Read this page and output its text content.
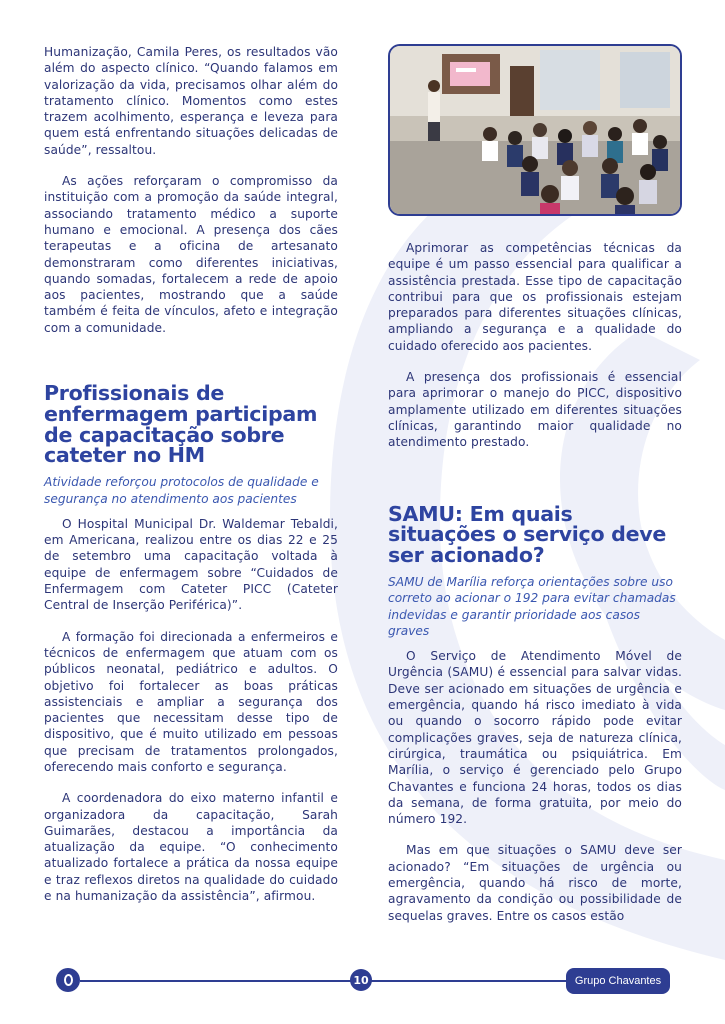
Humanização, Camila Peres, os resultados vão além do aspecto clínico. “Quando falamos em valorização da vida, precisamos olhar além do tratamento clínico. Momentos como estes trazem acolhimento, esperança e leveza para quem está enfrentando situações delicadas de saúde”, ressaltou.

As ações reforçaram o compromisso da instituição com a promoção da saúde integral, associando tratamento médico a suporte humano e emocional. A presença dos cães terapeutas e a oficina de artesanato demonstraram como diferentes iniciativas, quando somadas, fortalecem a rede de apoio aos pacientes, mostrando que a saúde também é feita de vínculos, afeto e integração com a comunidade.

Profissionais de enfermagem participam de capacitação sobre cateter no HM

Atividade reforçou protocolos de qualidade e segurança no atendimento aos pacientes

O Hospital Municipal Dr. Waldemar Tebaldi, em Americana, realizou entre os dias 22 e 25 de setembro uma capacitação voltada à equipe de enfermagem sobre “Cuidados de Enfermagem com Cateter PICC (Cateter Central de Inserção Periférica)”.

A formação foi direcionada a enfermeiros e técnicos de enfermagem que atuam com os públicos neonatal, pediátrico e adultos. O objetivo foi fortalecer as boas práticas assistenciais e ampliar a segurança dos pacientes que necessitam desse tipo de dispositivo, que é muito utilizado em pessoas que precisam de tratamentos prolongados, oferecendo mais conforto e segurança.

A coordenadora do eixo materno infantil e organizadora da capacitação, Sarah Guimarães, destacou a importância da atualização da equipe. “O conhecimento atualizado fortalece a prática da nossa equipe e traz reflexos diretos na qualidade do cuidado e na humanização da assistência”, afirmou.

Aprimorar as competências técnicas da equipe é um passo essencial para qualificar a assistência prestada. Esse tipo de capacitação contribui para que os profissionais estejam preparados para diferentes situações clínicas, ampliando a segurança e a qualidade do cuidado oferecido aos pacientes.

A presença dos profissionais é essencial para aprimorar o manejo do PICC, dispositivo amplamente utilizado em diferentes situações clínicas, garantindo maior qualidade no atendimento prestado.

SAMU: Em quais situações o serviço deve ser acionado?

SAMU de Marília reforça orientações sobre uso correto ao acionar o 192 para evitar chamadas indevidas e garantir prioridade aos casos graves

O Serviço de Atendimento Móvel de Urgência (SAMU) é essencial para salvar vidas. Deve ser acionado em situações de urgência e emergência, quando há risco imediato à vida ou quando o socorro rápido pode evitar complicações graves, seja de natureza clínica, cirúrgica, traumática ou psiquiátrica. Em Marília, o serviço é gerenciado pelo Grupo Chavantes e funciona 24 horas, todos os dias da semana, de forma gratuita, por meio do número 192.

Mas em que situações o SAMU deve ser acionado? “Em situações de urgência ou emergência, quando há risco de morte, agravamento da condição ou possibilidade de sequelas graves. Entre os casos estão

10	Grupo Chavantes
